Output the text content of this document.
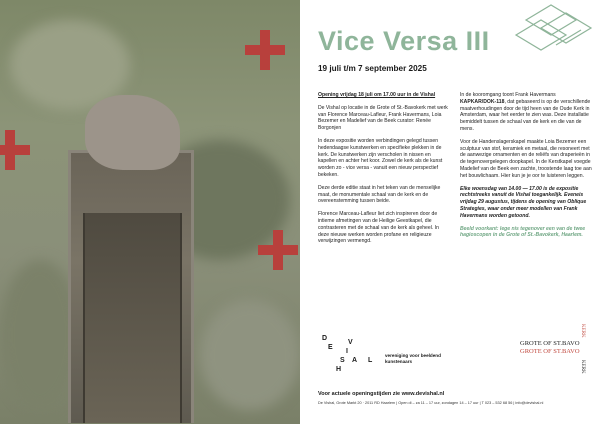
Vice Versa III
19 juli t/m 7 september 2025

Opening vrijdag 18 juli om 17.00 uur in de Vishal

De Vishal op locatie in de Grote of St.-Bavokerk met werk van Florence Marceau-Lafleur, Frank Havermans, Loia Bezemer en Madelief van de Beek curator: Renée Borgonjen

In deze expositie worden verbindingen gelegd tussen hedendaagse kunstwerken en specifieke plekken in de kerk. De kunstwerken zijn verscholen in nissen en kapellen en achter het koor. Zowel de kerk als de kunst worden zo - vice versa - vanuit een nieuw perspectief bekeken.

Deze derde editie staat in het teken van de menselijke maat, de monumentale schaal van de kerk en de overeenstemming tussen beide.

Florence Marceau-Lafleur liet zich inspireren door de intieme afmetingen van de Heilige Geestkapel, die contrasteren met de schaal van de kerk als geheel. In deze nieuwe werken worden profane en religieuze verwijzingen vermengd.

In de kooromgang toont Frank Havermans KAPKAR/DOK-118, dat gebaseerd is op de verschillende maatverhoudingen door de tijd heen van de Oude Kerk in Amsterdam, waar het eerder te zien was. Deze installatie bemiddelt tussen de schaal van de kerk en die van de mens.

Voor de Handenslagerskapel maakte Loia Bezemer een sculptuur van stof, keramiek en metaal, die resoneert met de aanwezige ornamenten en de reliëfs van draperieën in de tegenovergelegen doopkapel. In de Kerstkapel voegde Madelief van de Beek een zachte, troostende laag toe aan het bouwlichaam. Hier kun je je oor te luisteren leggen.

Elke woensdag van 14.00 — 17.00 is de expositie rechtstreeks vanuit de Vishal toegankelijk. Eveneis vrijdag 29 augustus, tijdens de opening van Oblique Strategies, waar onder meer modellen van Frank Havermans worden getoond.

Beeld voorkant: lege nis tegenover een van de twee hagioscopen in de Grote of St.-Bavokerk, Haarlem.

D
E
V
I
S
H
A L
vereniging voor beeldend kunstenaars
GROTE OF ST.BAVO
GROTE OF ST.BAVO
KERK
KERK
Voor actuele openingstijden zie www.devishal.nl
De Vishal, Grote Markt 20 · 2011 RD Haarlem | Open di – za 11 – 17 uur, zondagen 14 – 17 uur | T 023 – 532 68 56 | info@devishal.nl
